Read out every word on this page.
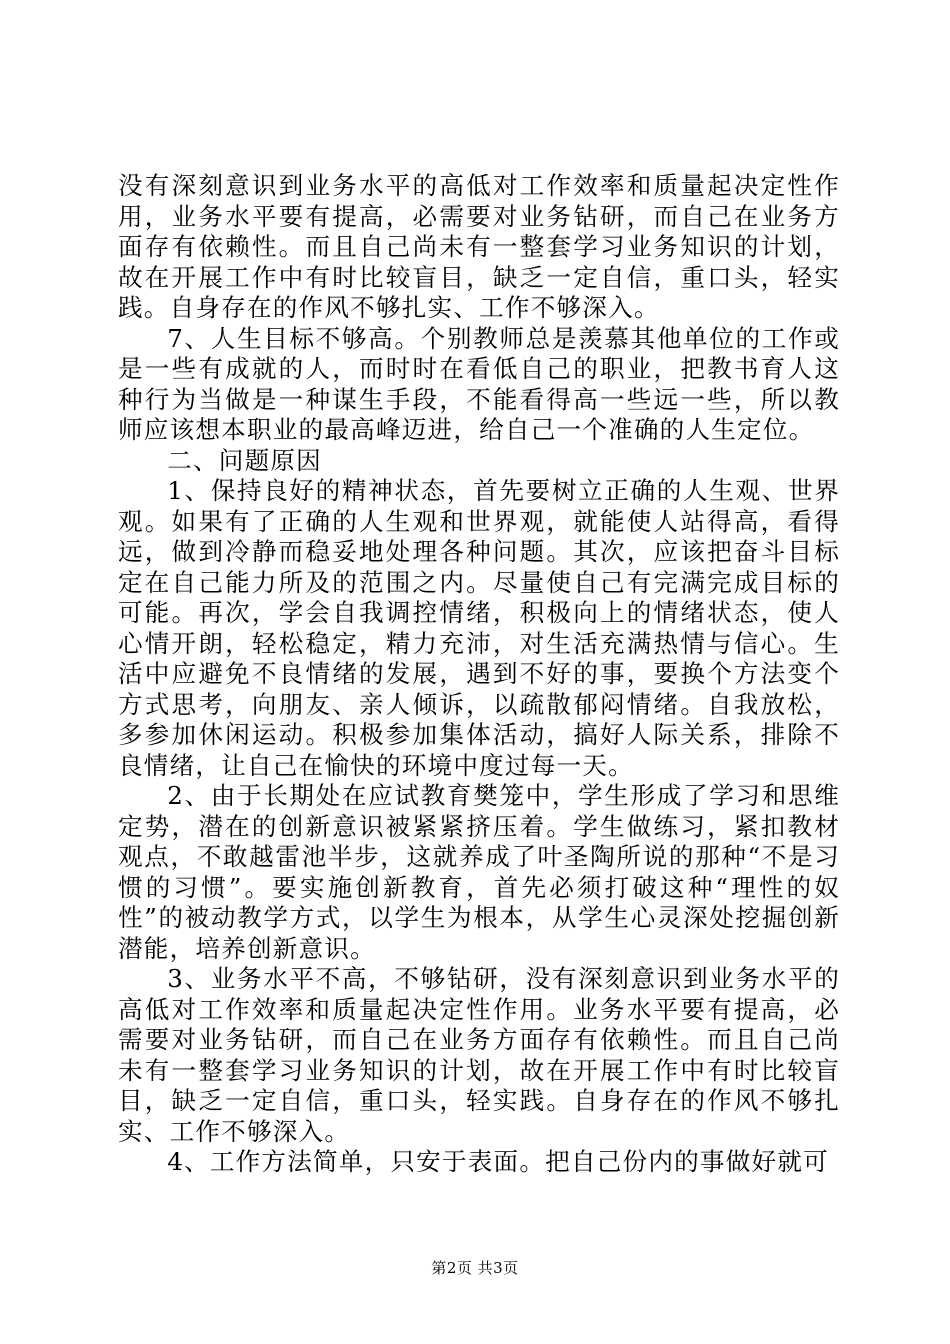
没有深刻意识到业务水平的高低对工作效率和质量起决定性作用，业务水平要有提高，必需要对业务钻研，而自己在业务方面存有依赖性。而且自己尚未有一整套学习业务知识的计划，故在开展工作中有时比较盲目，缺乏一定自信，重口头，轻实践。自身存在的作风不够扎实、工作不够深入。

7、人生目标不够高。个别教师总是羡慕其他单位的工作或是一些有成就的人，而时时在看低自己的职业，把教书育人这种行为当做是一种谋生手段，不能看得高一些远一些，所以教师应该想本职业的最高峰迈进，给自己一个准确的人生定位。

二、问题原因

1、保持良好的精神状态，首先要树立正确的人生观、世界观。如果有了正确的人生观和世界观，就能使人站得高，看得远，做到冷静而稳妥地处理各种问题。其次，应该把奋斗目标定在自己能力所及的范围之内。尽量使自己有完满完成目标的可能。再次，学会自我调控情绪，积极向上的情绪状态，使人心情开朗，轻松稳定，精力充沛，对生活充满热情与信心。生活中应避免不良情绪的发展，遇到不好的事，要换个方法变个方式思考，向朋友、亲人倾诉，以疏散郁闷情绪。自我放松，多参加休闲运动。积极参加集体活动，搞好人际关系，排除不良情绪，让自己在愉快的环境中度过每一天。

2、由于长期处在应试教育樊笼中，学生形成了学习和思维定势，潜在的创新意识被紧紧挤压着。学生做练习，紧扣教材观点，不敢越雷池半步，这就养成了叶圣陶所说的那种“不是习惯的习惯”。要实施创新教育，首先必须打破这种“理性的奴性”的被动教学方式，以学生为根本，从学生心灵深处挖掘创新潜能，培养创新意识。

3、业务水平不高，不够钻研，没有深刻意识到业务水平的高低对工作效率和质量起决定性作用。业务水平要有提高，必需要对业务钻研，而自己在业务方面存有依赖性。而且自己尚未有一整套学习业务知识的计划，故在开展工作中有时比较盲目，缺乏一定自信，重口头，轻实践。自身存在的作风不够扎实、工作不够深入。

4、工作方法简单，只安于表面。把自己份内的事做好就可

第2页 共3页
